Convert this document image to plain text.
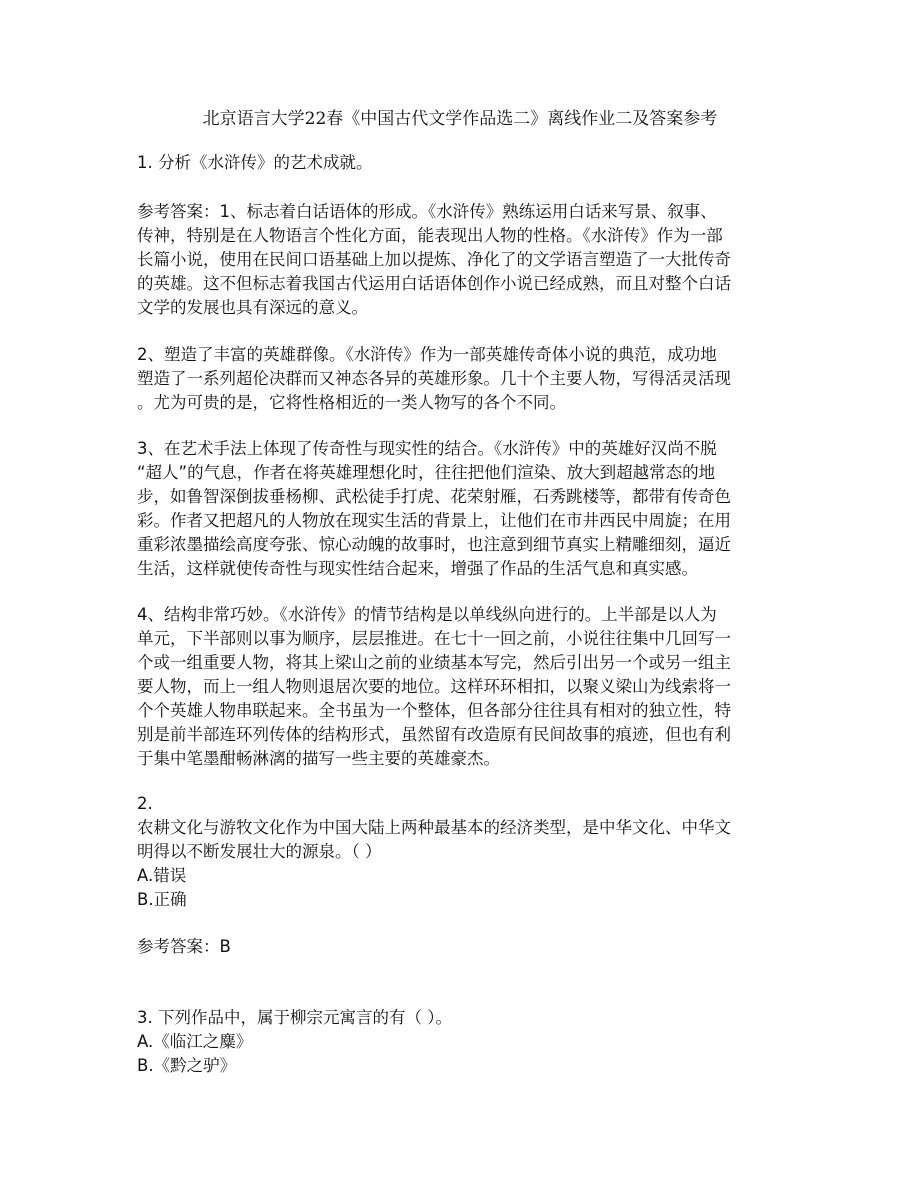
北京语言大学22春《中国古代文学作品选二》离线作业二及答案参考
1. 分析《水浒传》的艺术成就。
参考答案：1、标志着白话语体的形成。《水浒传》熟练运用白话来写景、叙事、
传神，特别是在人物语言个性化方面，能表现出人物的性格。《水浒传》作为一部
长篇小说，使用在民间口语基础上加以提炼、净化了的文学语言塑造了一大批传奇
的英雄。这不但标志着我国古代运用白话语体创作小说已经成熟，而且对整个白话
文学的发展也具有深远的意义。
2、塑造了丰富的英雄群像。《水浒传》作为一部英雄传奇体小说的典范，成功地
塑造了一系列超伦决群而又神态各异的英雄形象。几十个主要人物，写得活灵活现
。尤为可贵的是，它将性格相近的一类人物写的各个不同。
3、在艺术手法上体现了传奇性与现实性的结合。《水浒传》中的英雄好汉尚不脱
“超人”的气息，作者在将英雄理想化时，往往把他们渲染、放大到超越常态的地
步，如鲁智深倒拔垂杨柳、武松徒手打虎、花荣射雁，石秀跳楼等，都带有传奇色
彩。作者又把超凡的人物放在现实生活的背景上，让他们在市井西民中周旋；在用
重彩浓墨描绘高度夸张、惊心动魄的故事时，也注意到细节真实上精雕细刻，逼近
生活，这样就使传奇性与现实性结合起来，增强了作品的生活气息和真实感。
4、结构非常巧妙。《水浒传》的情节结构是以单线纵向进行的。上半部是以人为
单元，下半部则以事为顺序，层层推进。在七十一回之前，小说往往集中几回写一
个或一组重要人物，将其上梁山之前的业绩基本写完，然后引出另一个或另一组主
要人物，而上一组人物则退居次要的地位。这样环环相扣，以聚义梁山为线索将一
个个英雄人物串联起来。全书虽为一个整体，但各部分往往具有相对的独立性，特
别是前半部连环列传体的结构形式，虽然留有改造原有民间故事的痕迹，但也有利
于集中笔墨酣畅淋漓的描写一些主要的英雄豪杰。
2.
农耕文化与游牧文化作为中国大陆上两种最基本的经济类型，是中华文化、中华文
明得以不断发展壮大的源泉。（ ）
A.错误
B.正确
参考答案：B
3. 下列作品中，属于柳宗元寓言的有（ ）。
A.《临江之麋》
B.《黔之驴》
